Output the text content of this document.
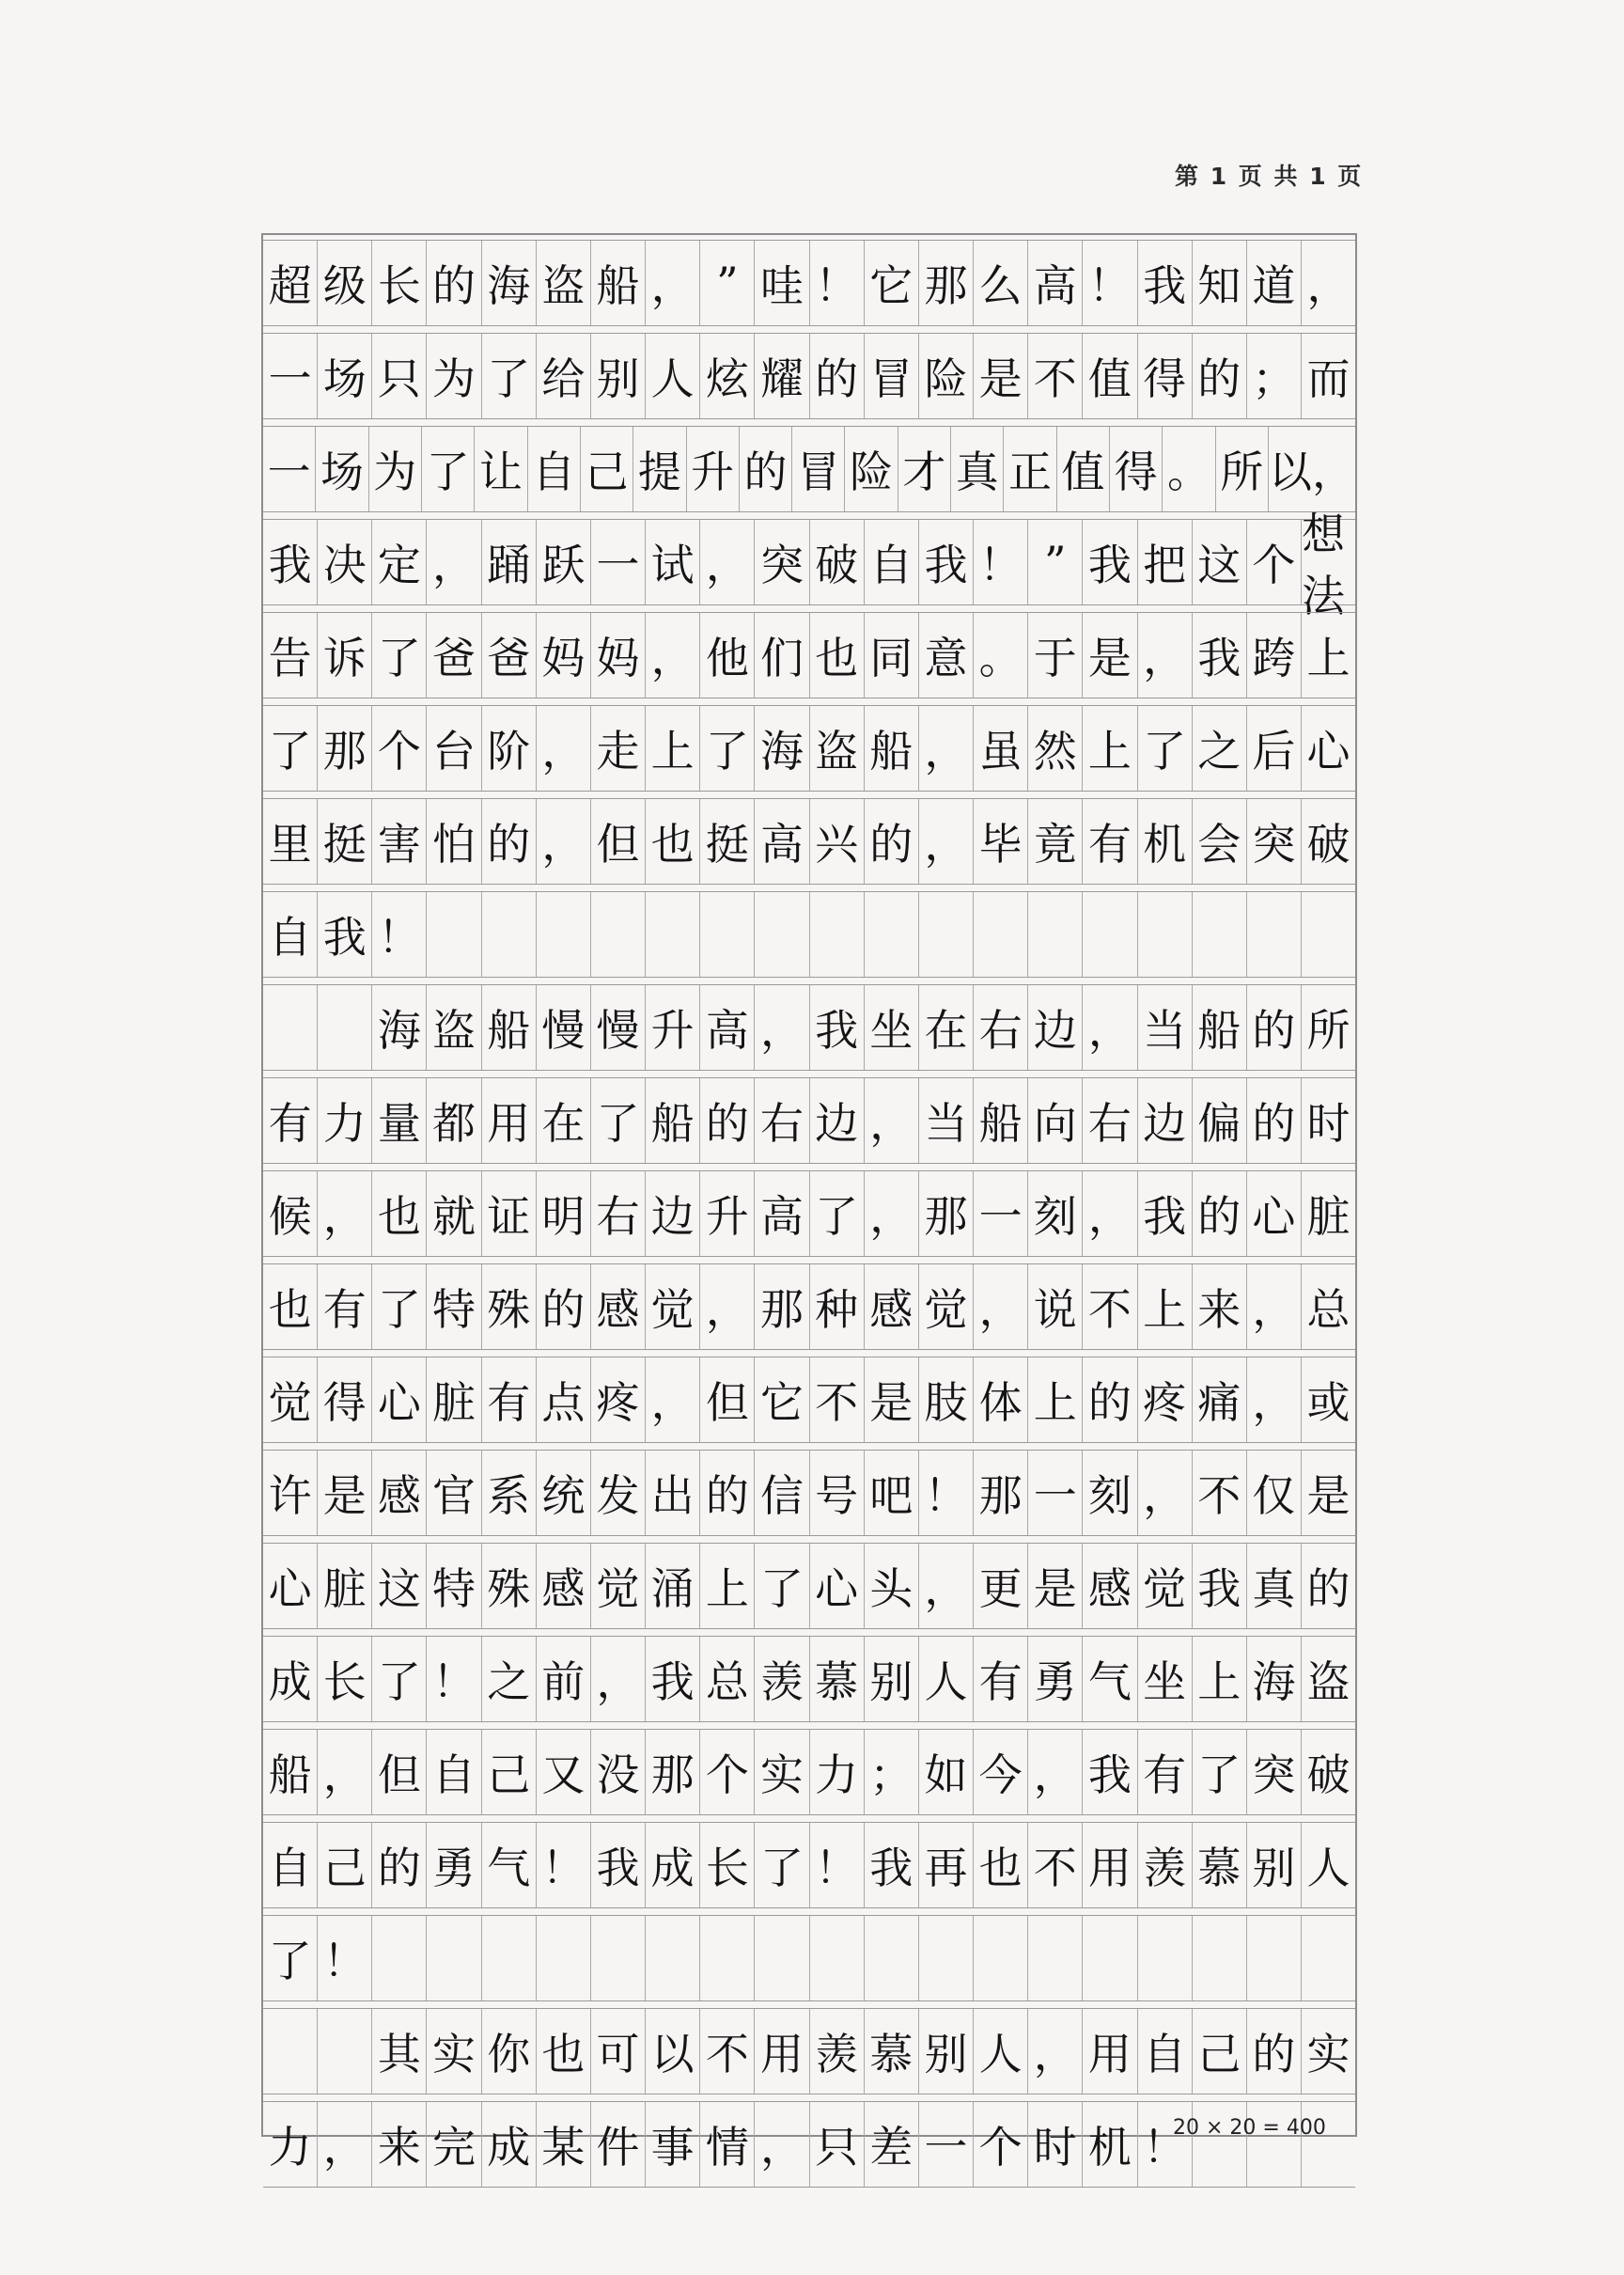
第 1 页 共 1 页
超 级 长 的 海 盗 船 ， ” 哇 ！ 它 那 么 高 ！ 我 知 道 ，
一 场 只 为 了 给 别 人 炫 耀 的 冒 险 是 不 值 得 的 ； 而
一 场 为 了 让 自 己 提 升 的 冒 险 才 真 正 值 得 。 所 以，
我 决 定 ， 踊 跃 一 试 ， 突 破 自 我 ！ ” 我 把 这 个
想法
告 诉 了 爸 爸 妈 妈 ， 他 们 也 同 意 。 于 是 ， 我 跨 上
了 那 个 台 阶 ， 走 上 了 海 盗 船 ， 虽 然 上 了 之 后 心
里 挺 害 怕 的 ， 但 也 挺 高 兴 的 ， 毕 竟 有 机 会 突 破
自 我 ！

海 盗 船 慢 慢 升 高 ， 我 坐 在 右 边 ， 当 船 的 所
有 力 量 都 用 在 了 船 的 右 边 ， 当 船 向 右 边 偏 的 时
候 ， 也 就 证 明 右 边 升 高 了 ， 那 一 刻 ， 我 的 心 脏
也 有 了 特 殊 的 感 觉 ， 那 种 感 觉 ， 说 不 上 来 ， 总
觉 得 心 脏 有 点 疼 ， 但 它 不 是 肢 体 上 的 疼 痛 ， 或
许 是 感 官 系 统 发 出 的 信 号 吧 ！ 那 一 刻 ， 不 仅 是
心 脏 这 特 殊 感 觉 涌 上 了 心 头 ， 更 是 感 觉 我 真 的
成 长 了 ！ 之 前 ， 我 总 羡 慕 别 人 有 勇 气 坐 上 海 盗
船 ， 但 自 己 又 没 那 个 实 力 ； 如 今 ， 我 有 了 突 破
自 己 的 勇 气 ！ 我 成 长 了 ！ 我 再 也 不 用 羡 慕 别 人
了 ！

其 实 你 也 可 以 不 用 羡 慕 别 人 ， 用 自 己 的 实
力 ， 来 完 成 某 件 事 情 ， 只 差 一 个 时 机 ！
20 × 20 = 400
